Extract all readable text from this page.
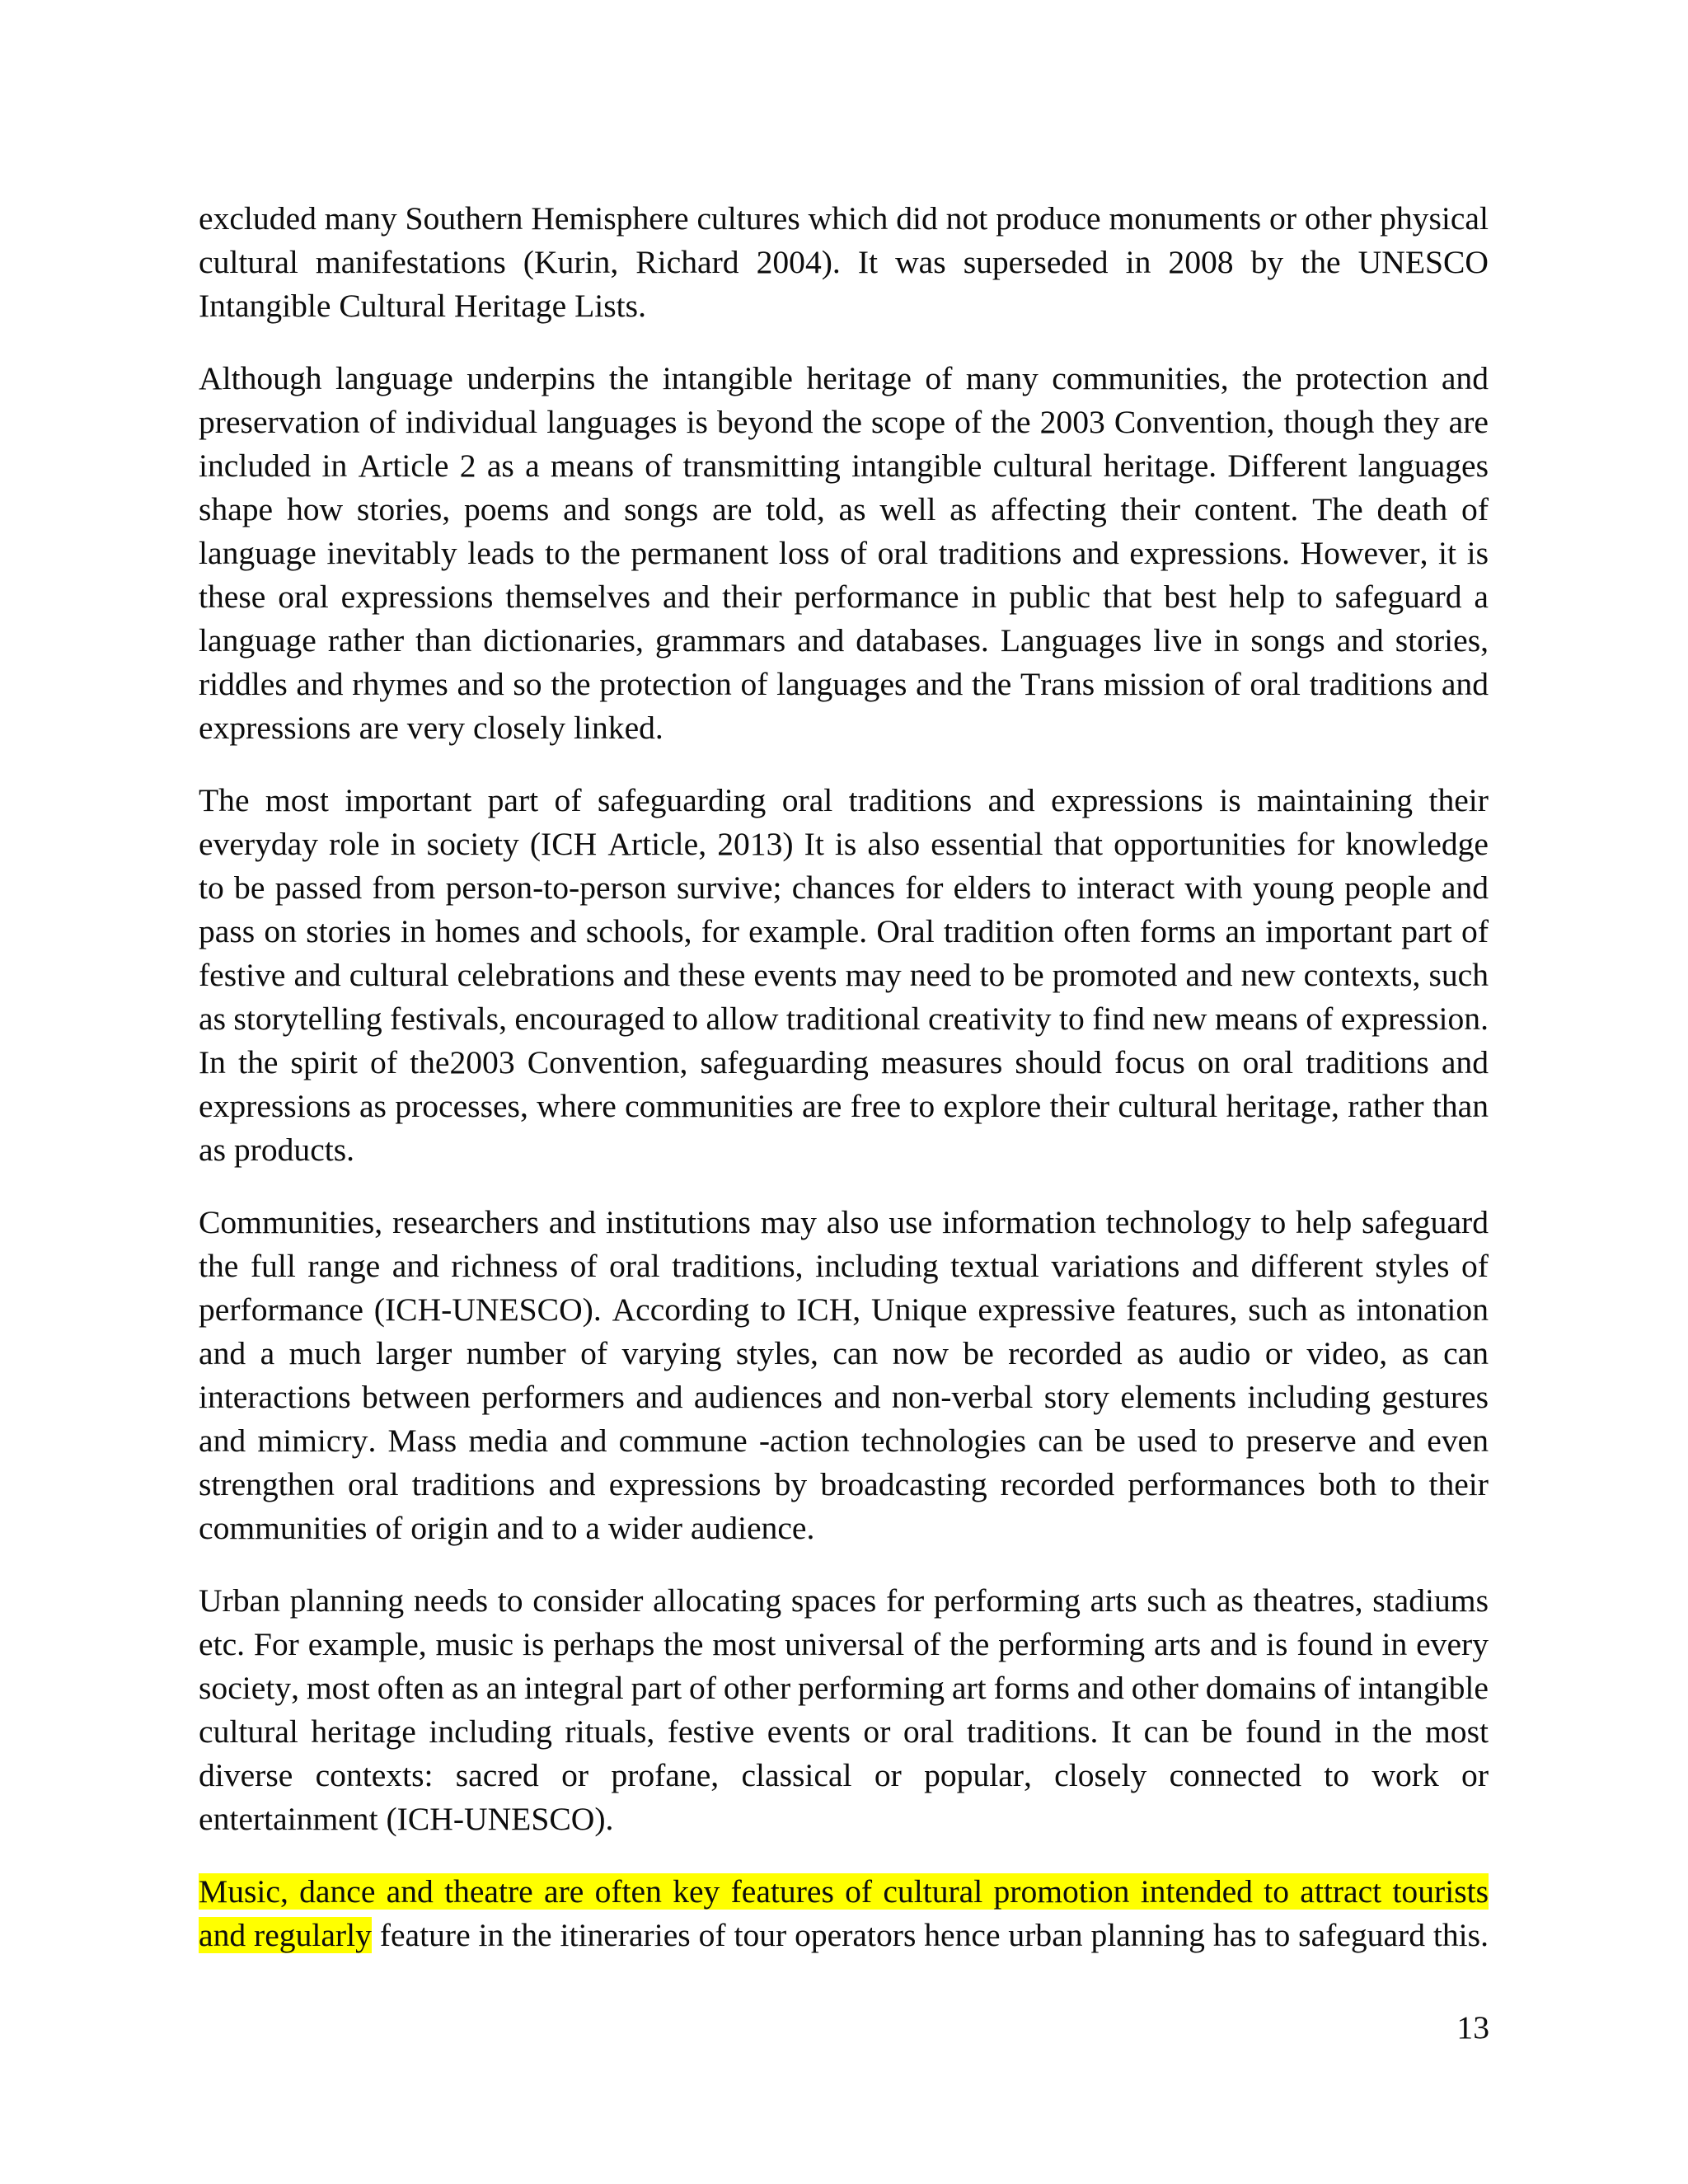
excluded many Southern Hemisphere cultures which did not produce monuments or other physical
cultural manifestations (Kurin, Richard 2004). It was superseded in 2008 by the UNESCO
Intangible Cultural Heritage Lists.
Although language underpins the intangible heritage of many communities, the protection and
preservation of individual languages is beyond the scope of the 2003 Convention, though they are
included in Article 2 as a means of transmitting intangible cultural heritage. Different languages
shape how stories, poems and songs are told, as well as affecting their content. The death of
language inevitably leads to the permanent loss of oral traditions and expressions. However, it is
these oral expressions themselves and their performance in public that best help to safeguard a
language rather than dictionaries, grammars and databases. Languages live in songs and stories,
riddles and rhymes and so the protection of languages and the Trans mission of oral traditions and
expressions are very closely linked.
The most important part of safeguarding oral traditions and expressions is maintaining their
everyday role in society (ICH Article, 2013) It is also essential that opportunities for knowledge
to be passed from person-to-person survive; chances for elders to interact with young people and
pass on stories in homes and schools, for example. Oral tradition often forms an important part of
festive and cultural celebrations and these events may need to be promoted and new contexts, such
as storytelling festivals, encouraged to allow traditional creativity to find new means of expression.
In the spirit of the2003 Convention, safeguarding measures should focus on oral traditions and
expressions as processes, where communities are free to explore their cultural heritage, rather than
as products.
Communities, researchers and institutions may also use information technology to help safeguard
the full range and richness of oral traditions, including textual variations and different styles of
performance (ICH-UNESCO). According to ICH, Unique expressive features, such as intonation
and a much larger number of varying styles, can now be recorded as audio or video, as can
interactions between performers and audiences and non-verbal story elements including gestures
and mimicry. Mass media and commune -action technologies can be used to preserve and even
strengthen oral traditions and expressions by broadcasting recorded performances both to their
communities of origin and to a wider audience.
Urban planning needs to consider allocating spaces for performing arts such as theatres, stadiums
etc. For example, music is perhaps the most universal of the performing arts and is found in every
society, most often as an integral part of other performing art forms and other domains of intangible
cultural heritage including rituals, festive events or oral traditions. It can be found in the most
diverse contexts: sacred or profane, classical or popular, closely connected to work or
entertainment (ICH-UNESCO).
Music, dance and theatre are often key features of cultural promotion intended to attract tourists
and regularly feature in the itineraries of tour operators hence urban planning has to safeguard this.
13
